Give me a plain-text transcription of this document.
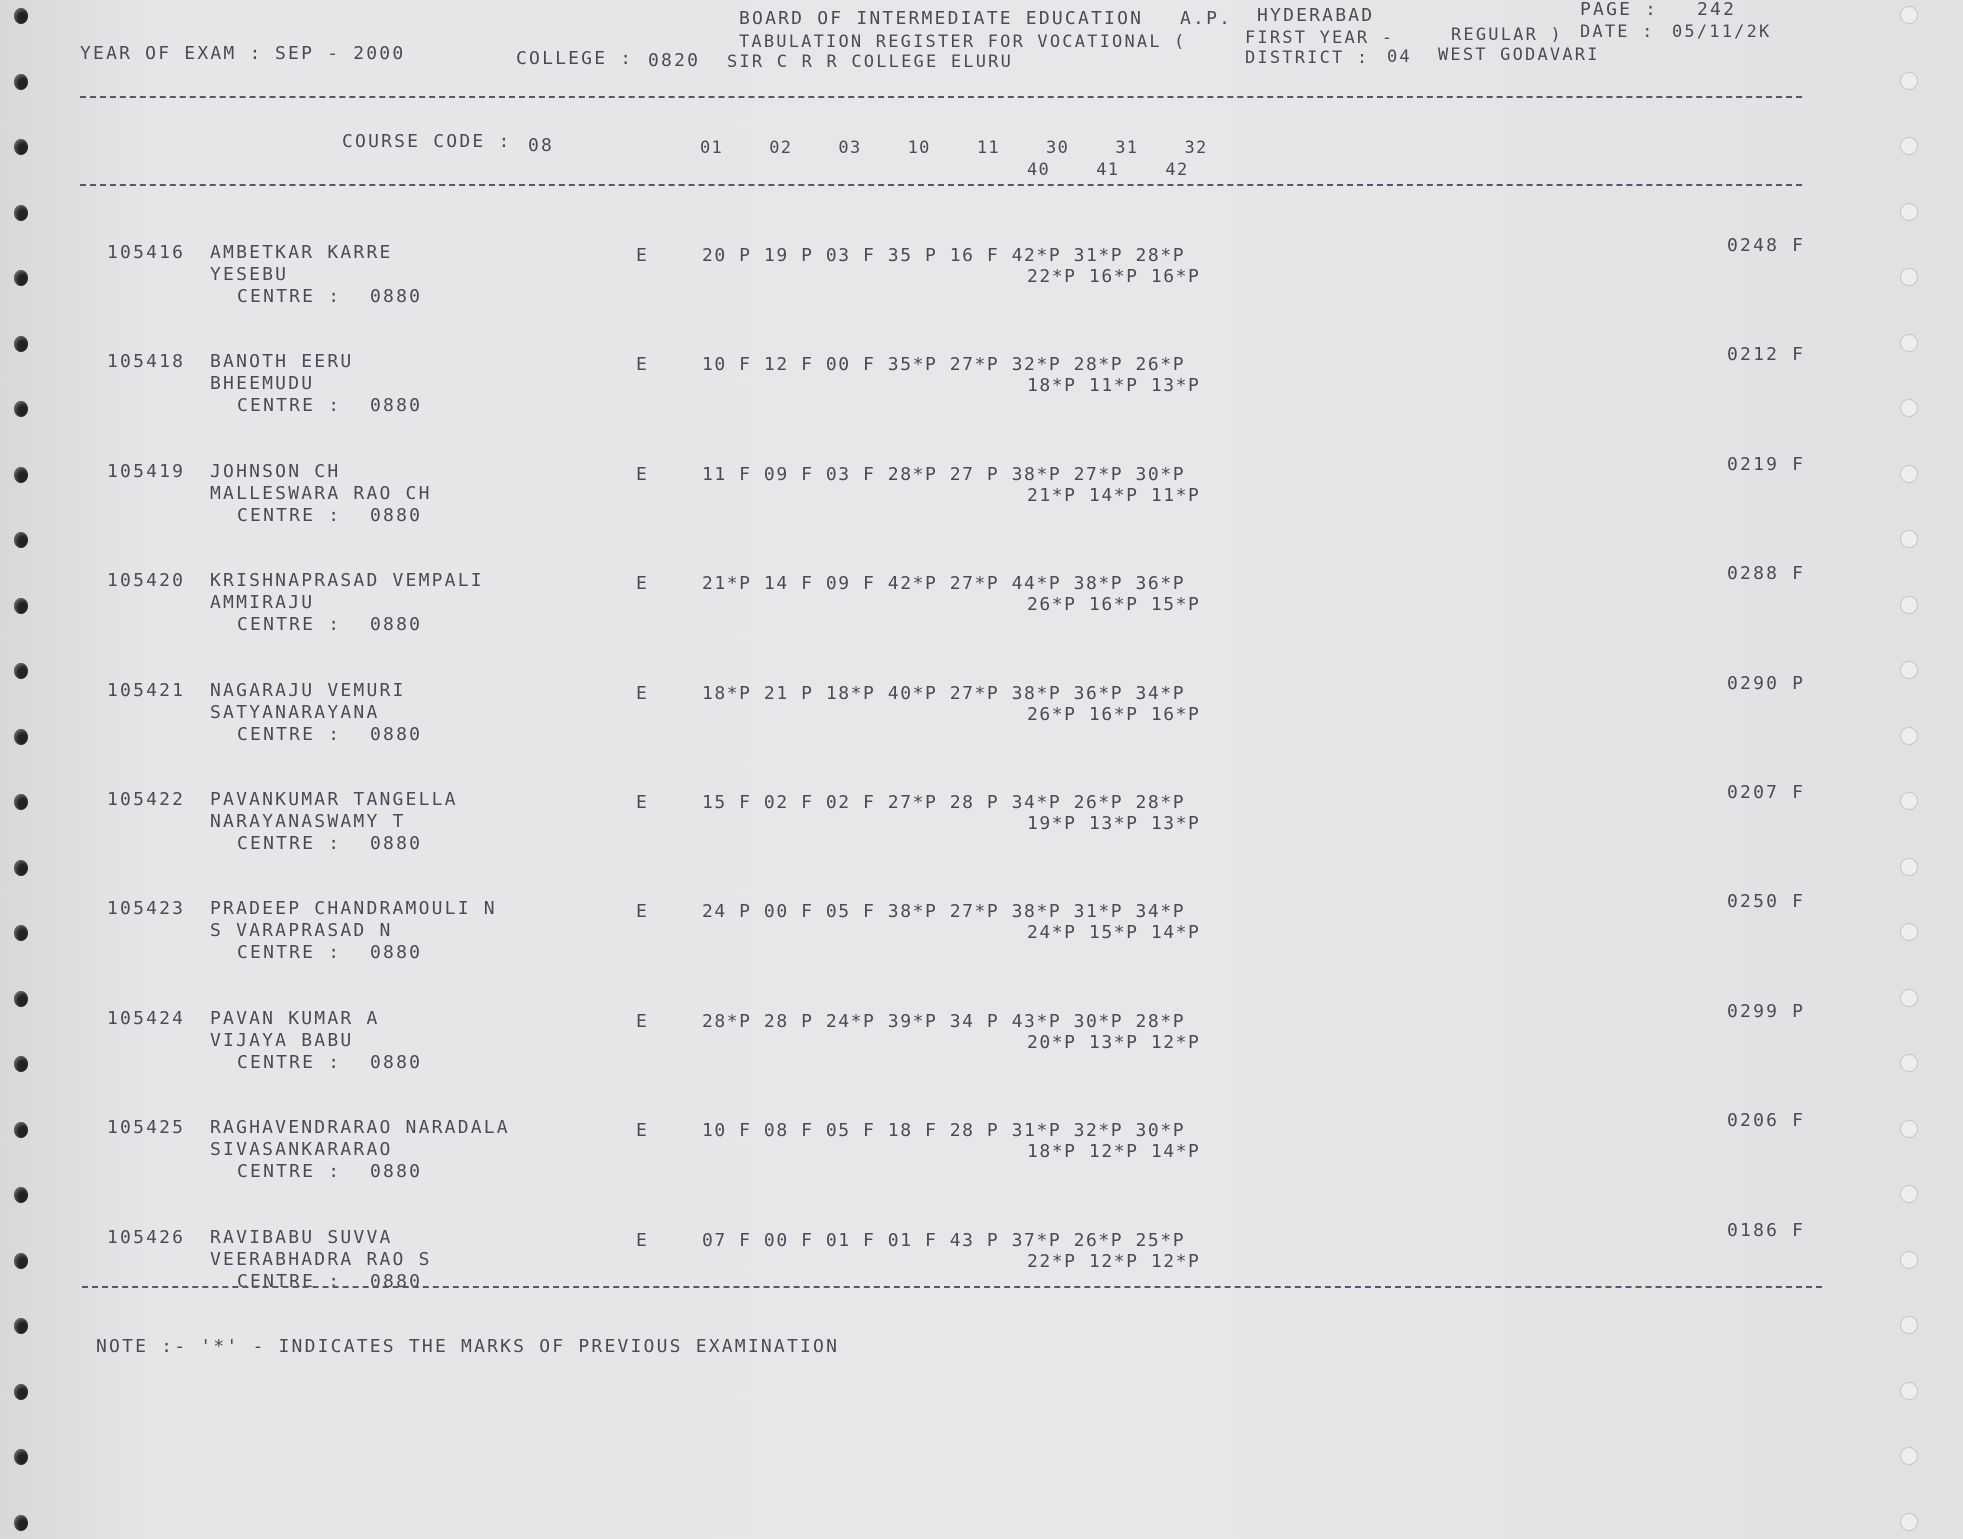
BOARD OF INTERMEDIATE EDUCATION A.P. HYDERABAD	PAGE : 242
TABULATION REGISTER FOR VOCATIONAL (	FIRST YEAR -	REGULAR ) DATE : 05/11/2K
YEAR OF EXAM : SEP - 2000	COLLEGE : 0820 SIR C R R COLLEGE ELURU	DISTRICT : 04 WEST GODAVARI
COURSE CODE : 08	01    02    03    10    11    30    31    32
40    41    42
105416 AMBETKAR KARRE
YESEBU
CENTRE : 0880
E	20 P 19 P 03 F 35 P 16 F 42*P 31*P 28*P
22*P 16*P 16*P
0248 F
105418 BANOTH EERU
BHEEMUDU
CENTRE : 0880
E	10 F 12 F 00 F 35*P 27*P 32*P 28*P 26*P
18*P 11*P 13*P
0212 F
105419 JOHNSON CH
MALLESWARA RAO CH
CENTRE : 0880
E	11 F 09 F 03 F 28*P 27 P 38*P 27*P 30*P
21*P 14*P 11*P
0219 F
105420 KRISHNAPRASAD VEMPALI
AMMIRAJU
CENTRE : 0880
E	21*P 14 F 09 F 42*P 27*P 44*P 38*P 36*P
26*P 16*P 15*P
0288 F
105421 NAGARAJU VEMURI
SATYANARAYANA
CENTRE : 0880
E	18*P 21 P 18*P 40*P 27*P 38*P 36*P 34*P
26*P 16*P 16*P
0290 P
105422 PAVANKUMAR TANGELLA
NARAYANASWAMY T
CENTRE : 0880
E	15 F 02 F 02 F 27*P 28 P 34*P 26*P 28*P
19*P 13*P 13*P
0207 F
105423 PRADEEP CHANDRAMOULI N
S VARAPRASAD N
CENTRE : 0880
E	24 P 00 F 05 F 38*P 27*P 38*P 31*P 34*P
24*P 15*P 14*P
0250 F
105424 PAVAN KUMAR A
VIJAYA BABU
CENTRE : 0880
E	28*P 28 P 24*P 39*P 34 P 43*P 30*P 28*P
20*P 13*P 12*P
0299 P
105425 RAGHAVENDRARAO NARADALA
SIVASANKARARAO
CENTRE : 0880
E	10 F 08 F 05 F 18 F 28 P 31*P 32*P 30*P
18*P 12*P 14*P
0206 F
105426 RAVIBABU SUVVA
VEERABHADRA RAO S
CENTRE : 0880
E	07 F 00 F 01 F 01 F 43 P 37*P 26*P 25*P
22*P 12*P 12*P
0186 F
NOTE :- '*' - INDICATES THE MARKS OF PREVIOUS EXAMINATION
